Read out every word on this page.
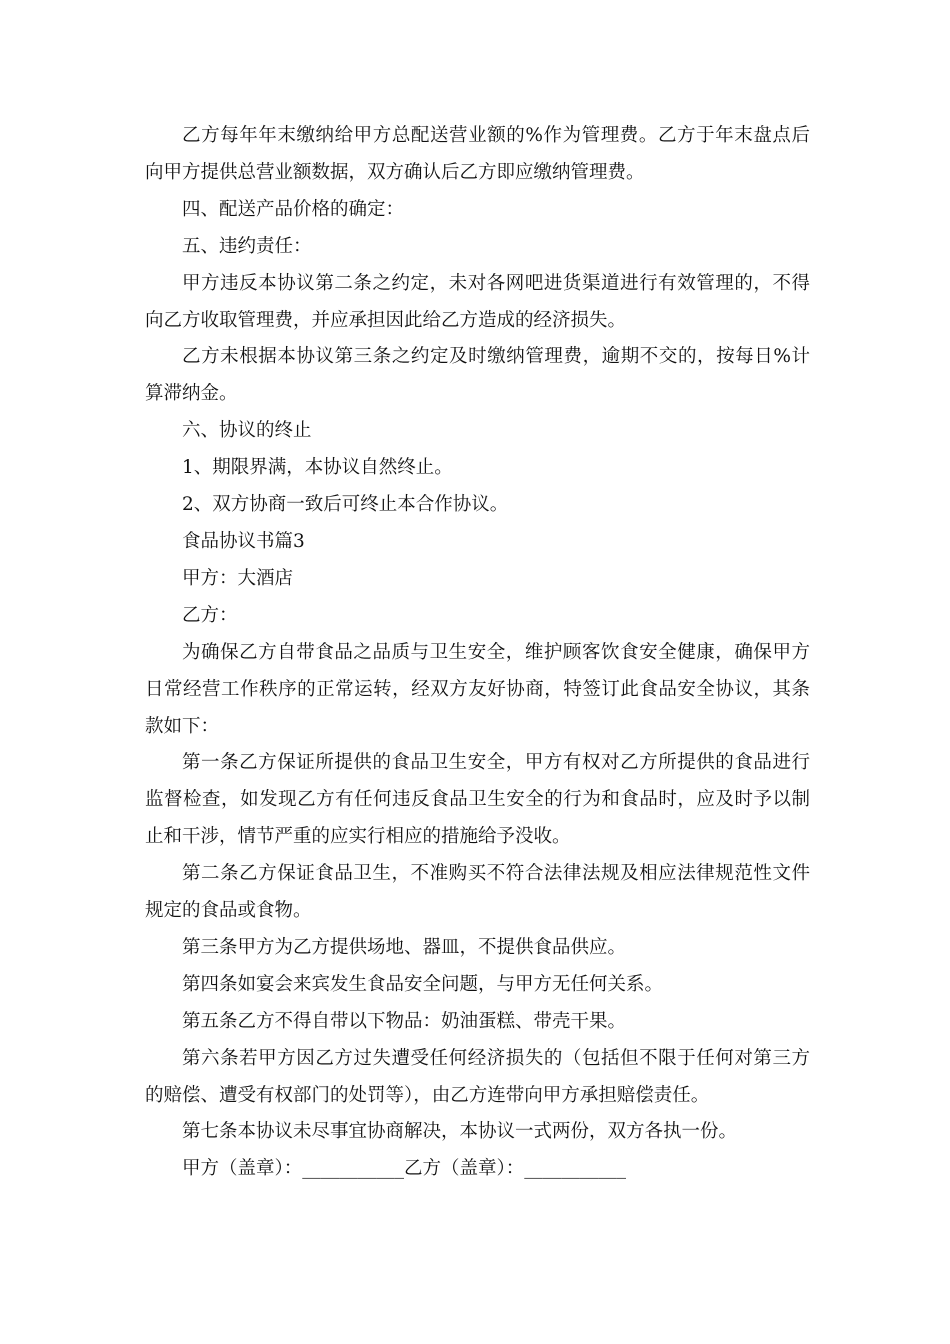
乙方每年年末缴纳给甲方总配送营业额的%作为管理费。乙方于年末盘点后向甲方提供总营业额数据，双方确认后乙方即应缴纳管理费。

四、配送产品价格的确定：

五、违约责任：

甲方违反本协议第二条之约定，未对各网吧进货渠道进行有效管理的，不得向乙方收取管理费，并应承担因此给乙方造成的经济损失。

乙方未根据本协议第三条之约定及时缴纳管理费，逾期不交的，按每日%计算滞纳金。

六、协议的终止

1、期限界满，本协议自然终止。

2、双方协商一致后可终止本合作协议。

食品协议书篇3

甲方：大酒店

乙方：

为确保乙方自带食品之品质与卫生安全，维护顾客饮食安全健康，确保甲方日常经营工作秩序的正常运转，经双方友好协商，特签订此食品安全协议，其条款如下：

第一条乙方保证所提供的食品卫生安全，甲方有权对乙方所提供的食品进行监督检查，如发现乙方有任何违反食品卫生安全的行为和食品时，应及时予以制止和干涉，情节严重的应实行相应的措施给予没收。

第二条乙方保证食品卫生，不准购买不符合法律法规及相应法律规范性文件规定的食品或食物。

第三条甲方为乙方提供场地、器皿，不提供食品供应。

第四条如宴会来宾发生食品安全问题，与甲方无任何关系。

第五条乙方不得自带以下物品：奶油蛋糕、带壳干果。

第六条若甲方因乙方过失遭受任何经济损失的（包括但不限于任何对第三方的赔偿、遭受有权部门的处罚等），由乙方连带向甲方承担赔偿责任。

第七条本协议未尽事宜协商解决，本协议一式两份，双方各执一份。

甲方（盖章）：___________乙方（盖章）：___________
